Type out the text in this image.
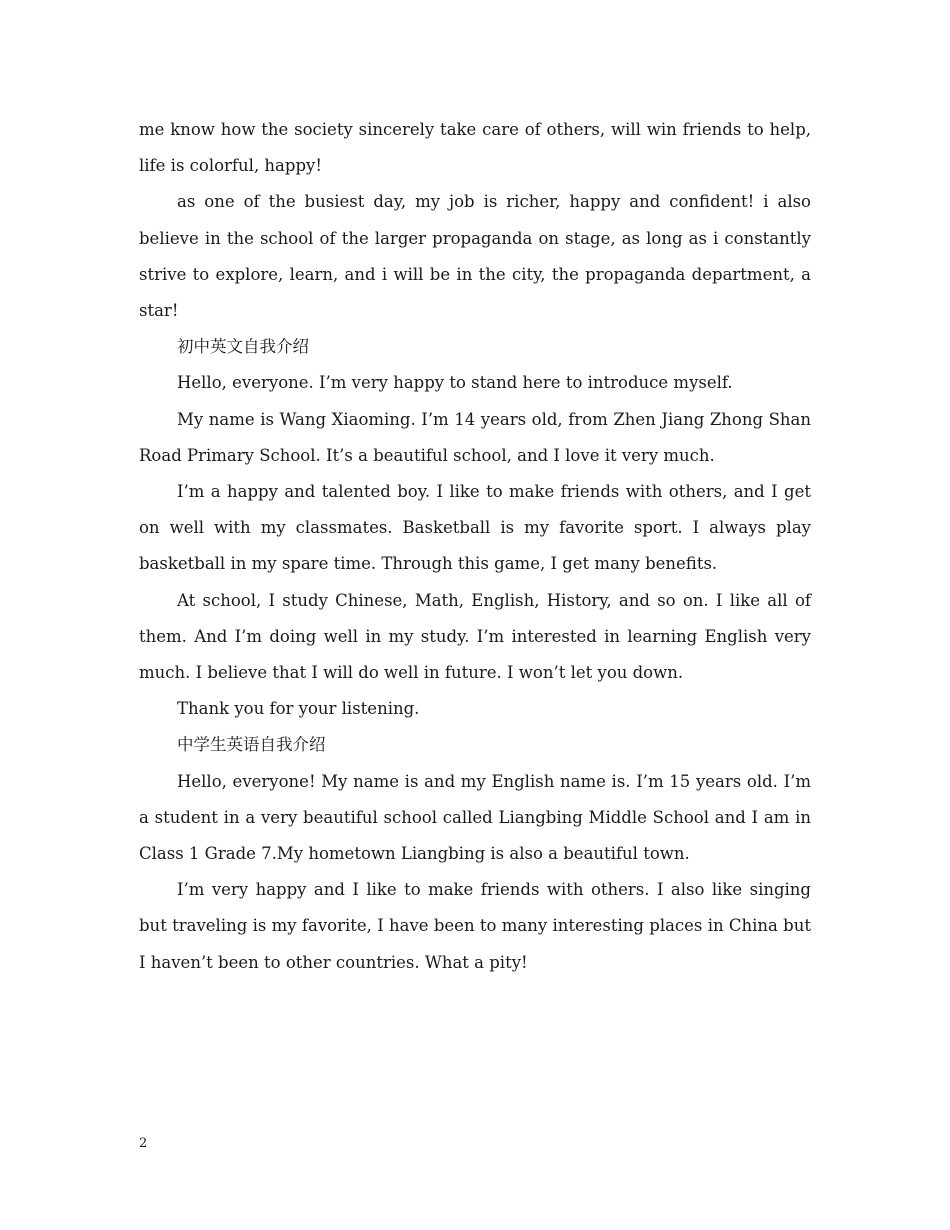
me know how the society sincerely take care of others, will win friends to help, life is colorful, happy!

as one of the busiest day, my job is richer, happy and confident! i also believe in the school of the larger propaganda on stage, as long as i constantly strive to explore, learn, and i will be in the city, the propaganda department, a star!

初中英文自我介绍

Hello, everyone. I’m very happy to stand here to introduce myself.

My name is Wang Xiaoming. I’m 14 years old, from Zhen Jiang Zhong Shan Road Primary School. It’s a beautiful school, and I love it very much.

I’m a happy and talented boy. I like to make friends with others, and I get on well with my classmates. Basketball is my favorite sport. I always play basketball in my spare time. Through this game, I get many benefits.

At school, I study Chinese, Math, English, History, and so on. I like all of them. And I’m doing well in my study. I’m interested in learning English very much. I believe that I will do well in future. I won’t let you down.

Thank you for your listening.

中学生英语自我介绍

Hello, everyone! My name is and my English name is. I’m 15 years old. I’m a student in a very beautiful school called Liangbing Middle School and I am in Class 1 Grade 7.My hometown Liangbing is also a beautiful town.

I’m very happy and I like to make friends with others. I also like singing but traveling is my favorite, I have been to many interesting places in China but I haven’t been to other countries. What a pity!

2
